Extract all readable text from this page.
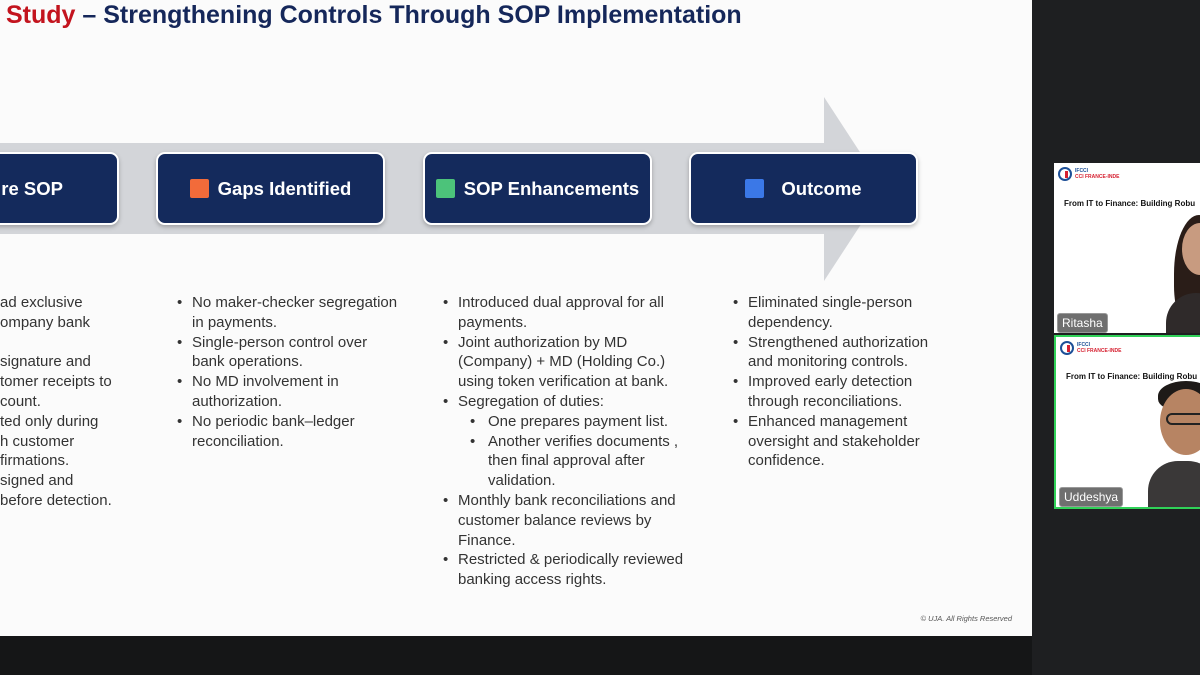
Study – Strengthening Controls Through SOP Implementation
re SOP	Gaps Identified	SOP Enhancements	Outcome
ad exclusive
ompany bank

signature and
tomer receipts to
count.
ted only during
h customer
firmations.
signed and
before detection.
• No maker-checker segregation in payments.
• Single-person control over bank operations.
• No MD involvement in authorization.
• No periodic bank–ledger reconciliation.
• Introduced dual approval for all payments.
• Joint authorization by MD (Company) + MD (Holding Co.) using token verification at bank.
• Segregation of duties:
• One prepares payment list.
• Another verifies documents , then final approval after validation.
• Monthly bank reconciliations and customer balance reviews by Finance.
• Restricted & periodically reviewed banking access rights.
• Eliminated single-person dependency.
• Strengthened authorization and monitoring controls.
• Improved early detection through reconciliations.
• Enhanced management oversight and stakeholder confidence.
© UJA. All Rights Reserved
IFCCI
CCI FRANCE-INDE
From IT to Finance: Building Robu
Ritasha
IFCCI
CCI FRANCE-INDE
From IT to Finance: Building Robu
Uddeshya
